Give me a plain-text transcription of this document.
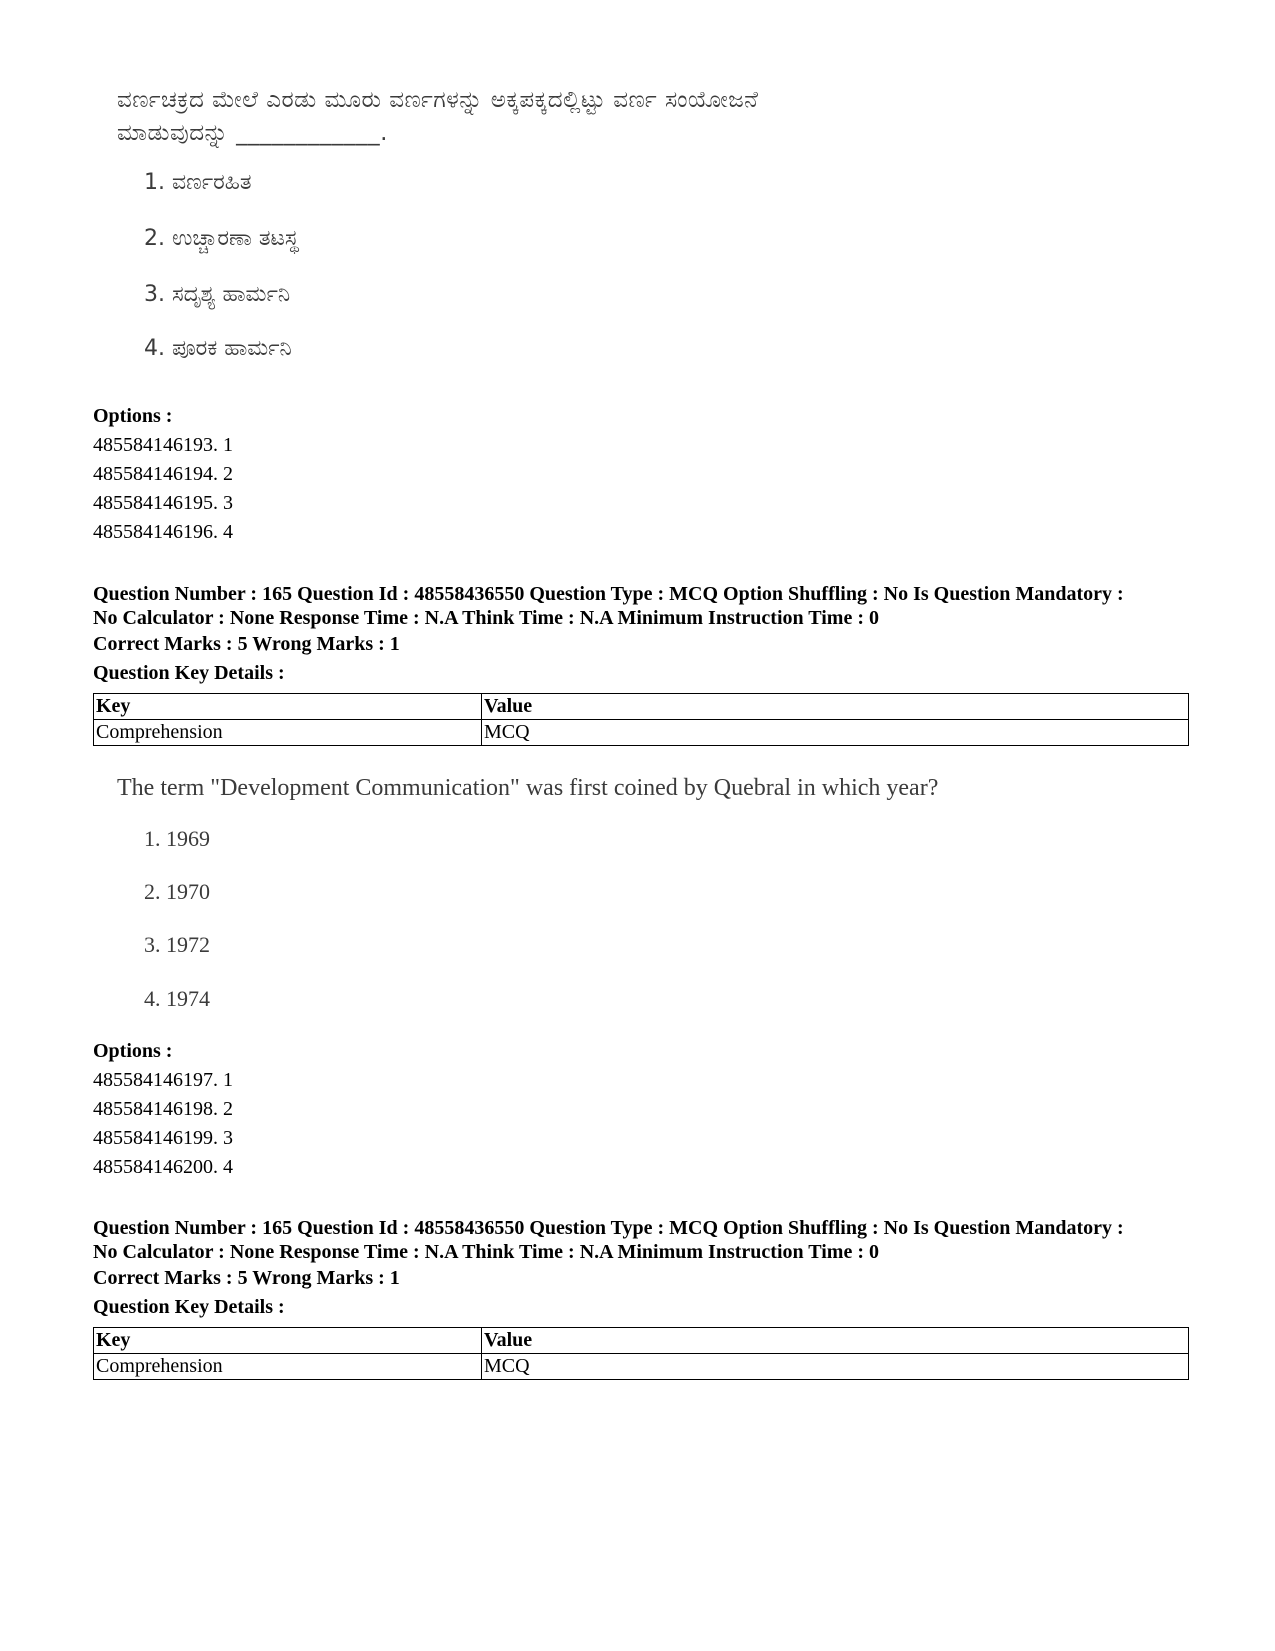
ವರ್ಣಚಕ್ರದ ಮೇಲೆ ಎರಡು ಮೂರು ವರ್ಣಗಳನ್ನು ಅಕ್ಕಪಕ್ಕದಲ್ಲಿಟ್ಟು ವರ್ಣ ಸಂಯೋಜನೆ

ಮಾಡುವುದನ್ನು ____________.

1. ವರ್ಣರಹಿತ
2. ಉಚ್ಚಾರಣಾ ತಟಸ್ಥ
3. ಸದೃಶ್ಯ ಹಾರ್ಮನಿ
4. ಪೂರಕ ಹಾರ್ಮನಿ

Options :

485584146193. 1

485584146194. 2

485584146195. 3

485584146196. 4

Question Number : 165 Question Id : 48558436550 Question Type : MCQ Option Shuffling : No Is Question Mandatory :

No Calculator : None Response Time : N.A Think Time : N.A Minimum Instruction Time : 0

Correct Marks : 5 Wrong Marks : 1

Question Key Details :

Key	Value
Comprehension	MCQ

The term "Development Communication" was first coined by Quebral in which year?

1. 1969
2. 1970
3. 1972
4. 1974

Options :

485584146197. 1

485584146198. 2

485584146199. 3

485584146200. 4

Question Number : 165 Question Id : 48558436550 Question Type : MCQ Option Shuffling : No Is Question Mandatory :

No Calculator : None Response Time : N.A Think Time : N.A Minimum Instruction Time : 0

Correct Marks : 5 Wrong Marks : 1

Question Key Details :

Key	Value
Comprehension	MCQ
